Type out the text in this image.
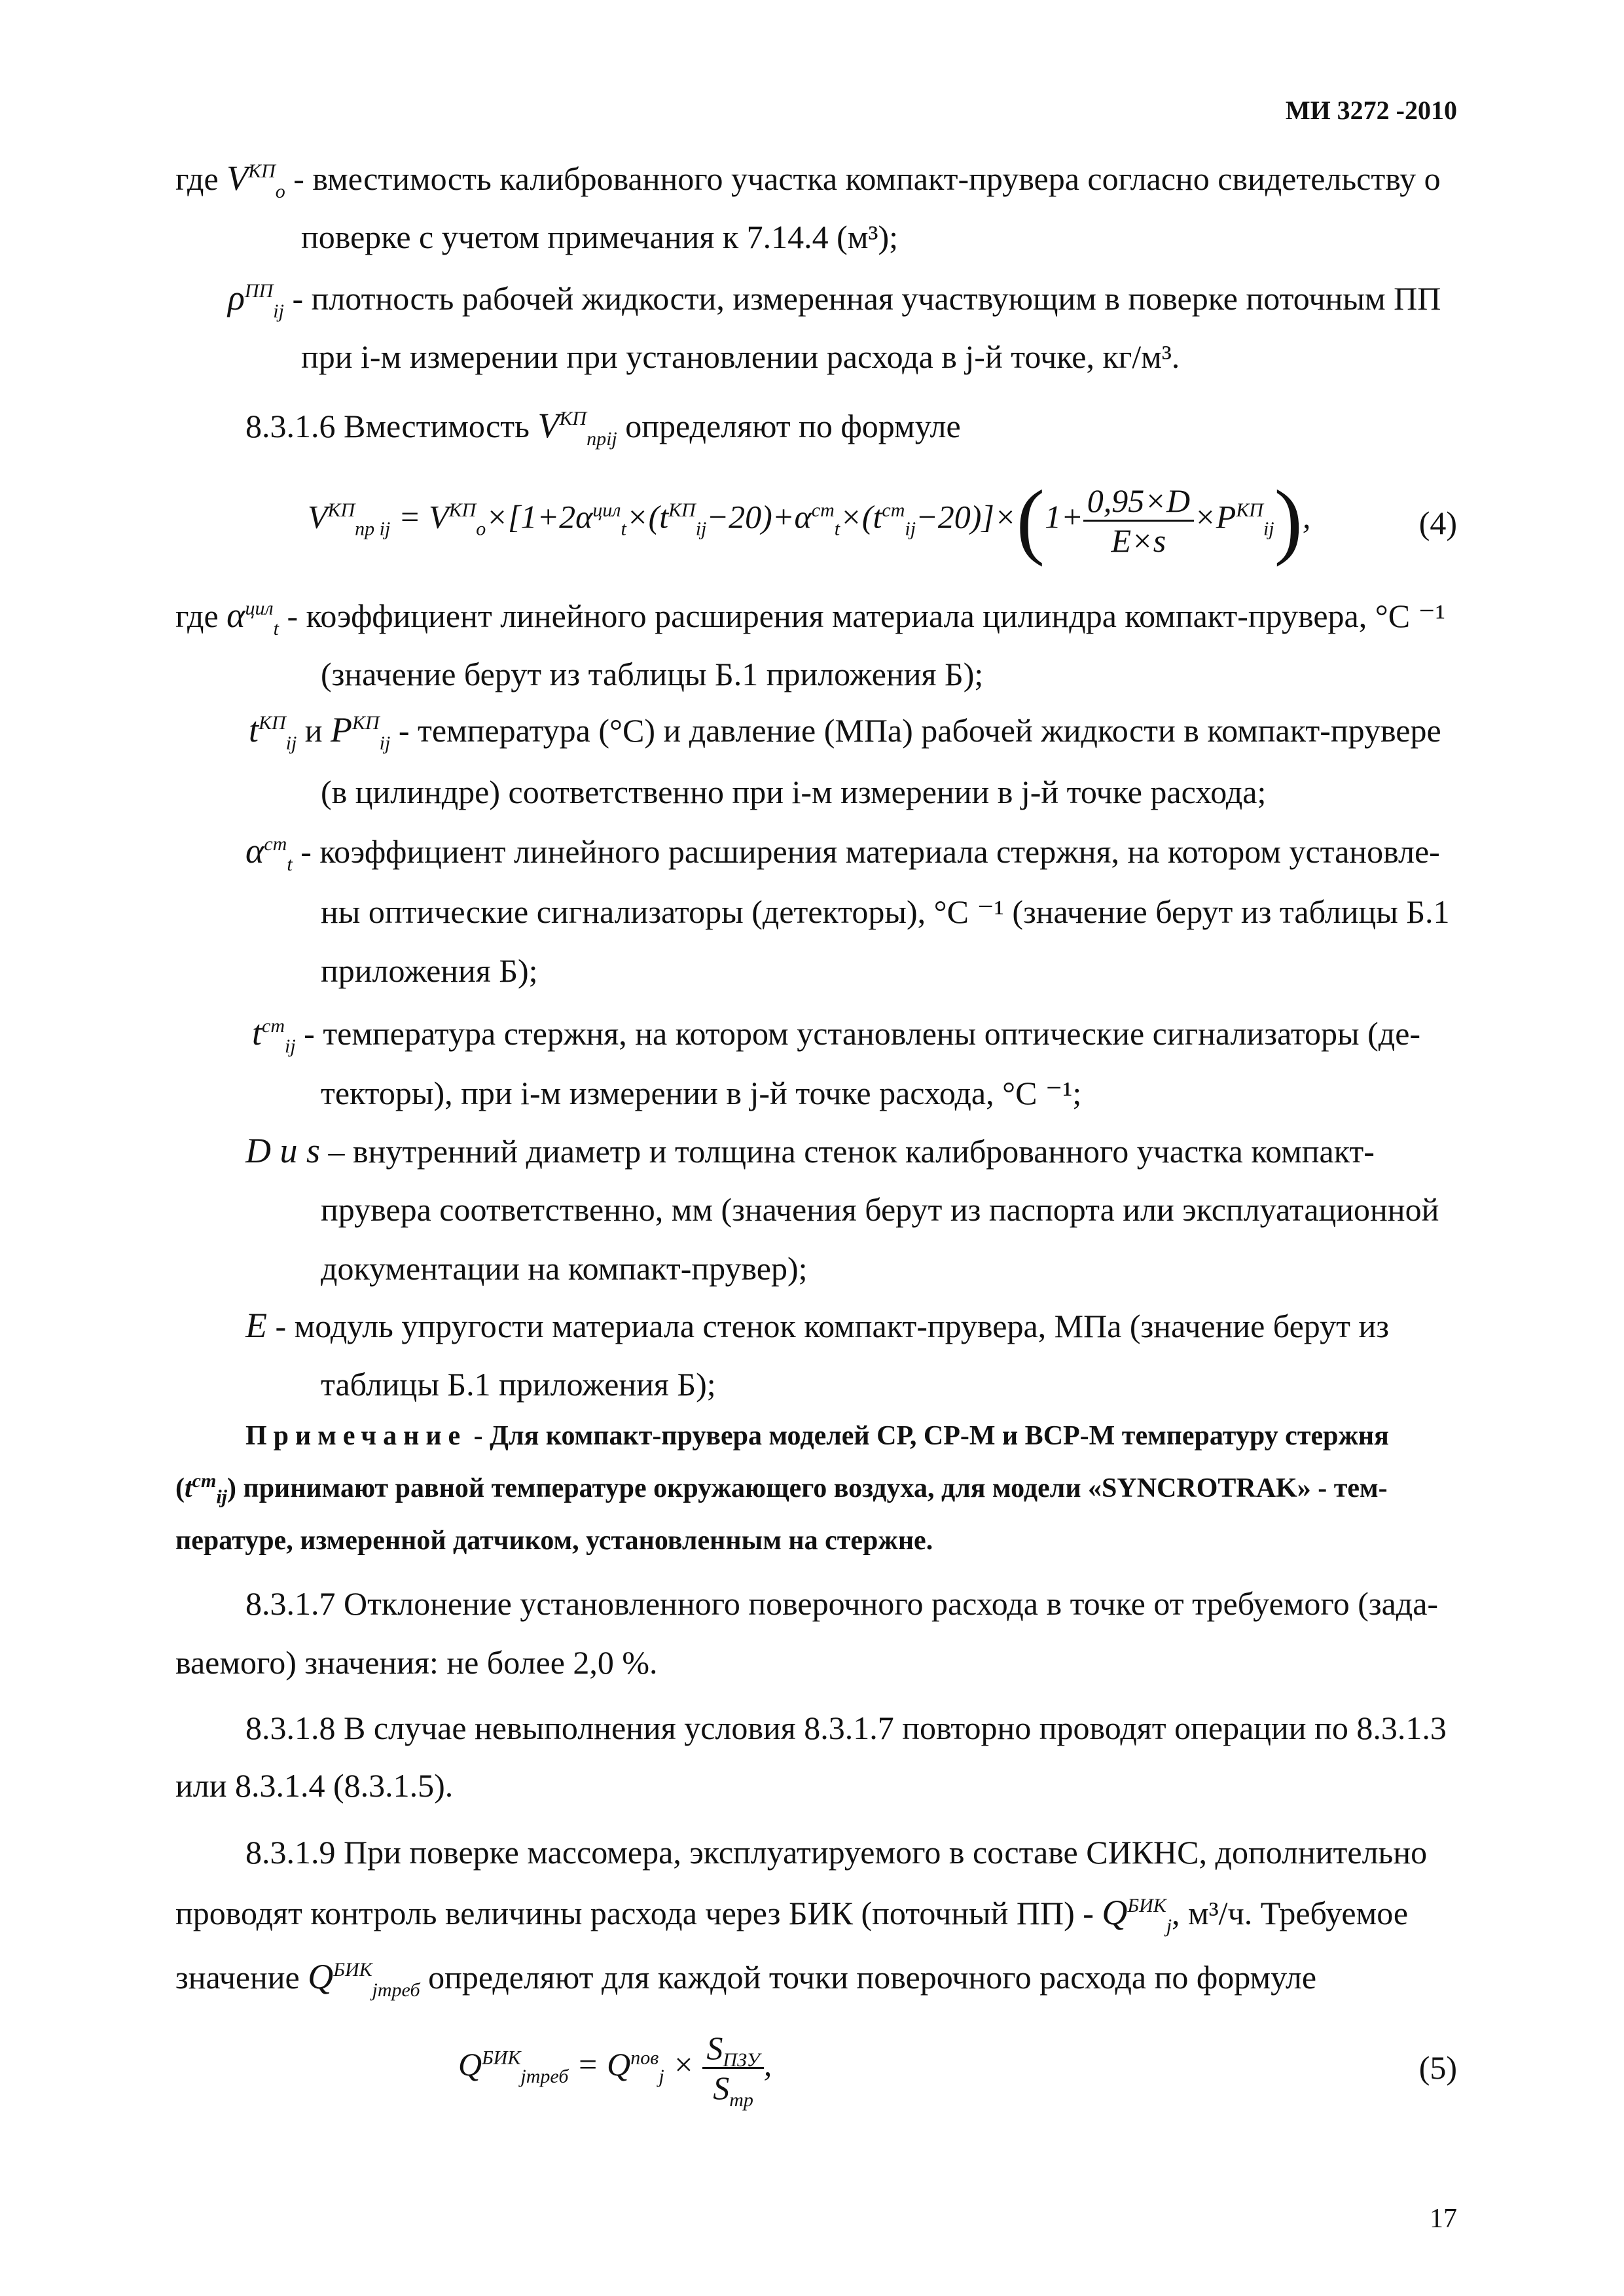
МИ 3272 -2010
где $V^{КП}_o$ - вместимость калиброванного участка компакт-прувера согласно свидетельству о
поверке с учетом примечания к 7.14.4 (м³);
$\rho^{ПП}_{ij}$ - плотность рабочей жидкости, измеренная участвующим в поверке поточным ПП
при i-м измерении при установлении расхода в j-й точке, кг/м³.
8.3.1.6 Вместимость $V^{КП}_{прij}$ определяют по формуле
$V^{КП}_{пр ij} = V^{КП}_o\times[1+2\alpha^{цил}_t\times(t^{КП}_{ij}-20)+\alpha^{ст}_t\times(t^{ст}_{ij}-20)]\times(1+ \frac{0,95\times D}{E\times s} \times P^{КП}_{ij})$,	(4)
где $\alpha^{цил}_t$ - коэффициент линейного расширения материала цилиндра компакт-прувера, °С ⁻¹
(значение берут из таблицы Б.1 приложения Б);
$t^{КП}_{ij}$ и $P^{КП}_{ij}$ - температура (°С) и давление (МПа) рабочей жидкости в компакт-прувере
(в цилиндре) соответственно при i-м измерении в j-й точке расхода;
$\alpha^{ст}_t$ - коэффициент линейного расширения материала стержня, на котором установле-
ны оптические сигнализаторы (детекторы), °С ⁻¹ (значение берут из таблицы Б.1
приложения Б);
$t^{ст}_{ij}$ - температура стержня, на котором установлены оптические сигнализаторы (де-
текторы), при i-м измерении в j-й точке расхода, °С ⁻¹;
D и s – внутренний диаметр и толщина стенок калиброванного участка компакт-
прувера соответственно, мм (значения берут из паспорта или эксплуатационной
документации на компакт-прувер);
E - модуль упругости материала стенок компакт-прувера, МПа (значение берут из
таблицы Б.1 приложения Б);
Примечание - Для компакт-прувера моделей СР, СР-М и ВСР-М температуру стержня
$(t^{ст}_{ij})$ принимают равной температуре окружающего воздуха, для модели «SYNCROTRAK» - тем-
пературе, измеренной датчиком, установленным на стержне.
8.3.1.7 Отклонение установленного поверочного расхода в точке от требуемого (зада-
ваемого) значения: не более 2,0 %.
8.3.1.8 В случае невыполнения условия 8.3.1.7 повторно проводят операции по 8.3.1.3
или 8.3.1.4 (8.3.1.5).
8.3.1.9 При поверке массомера, эксплуатируемого в составе СИКНС, дополнительно
проводят контроль величины расхода через БИК (поточный $ПП) - Q^{БИК}_j$, м³/ч. Требуемое
значение $Q^{БИК}_{jтреб}$ определяют для каждой точки поверочного расхода по формуле
$Q^{БИК}_{jтреб} = Q^{пов}_j \times \frac{S_{ПЗУ}}{S_{mp}}$ ,	(5)
17
